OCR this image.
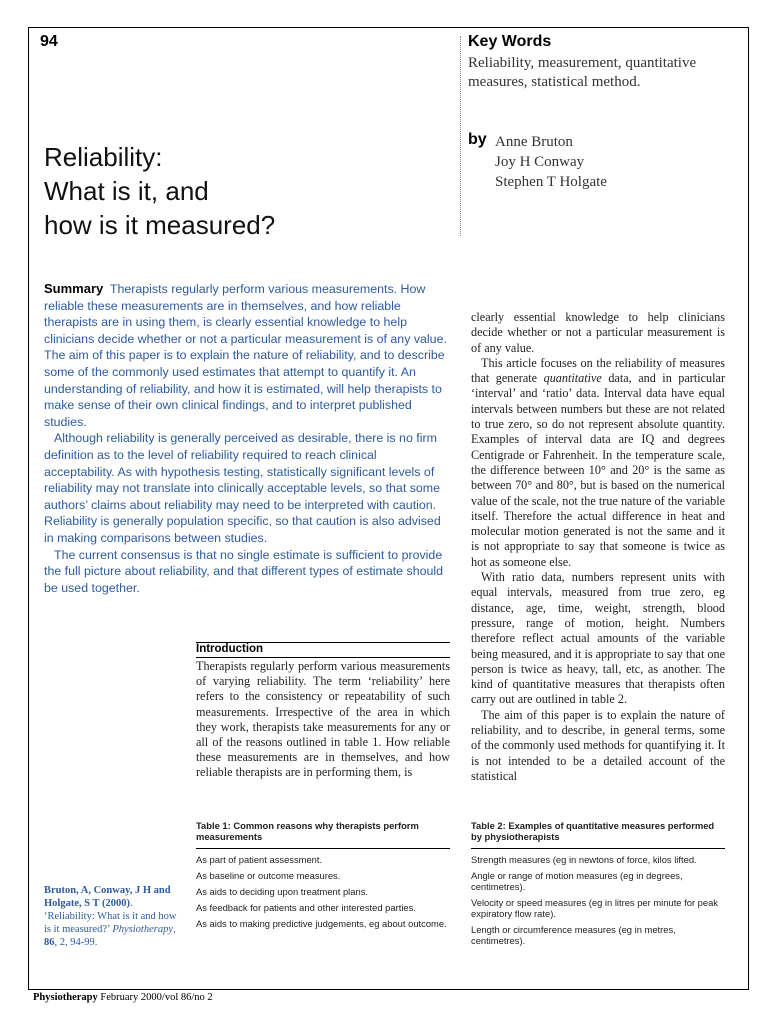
94
Reliability:
What is it, and
how is it measured?
Key Words
Reliability, measurement, quantitative measures, statistical method.
by Anne Bruton
Joy H Conway
Stephen T Holgate

Summary Therapists regularly perform various measurements. How reliable these measurements are in themselves, and how reliable therapists are in using them, is clearly essential knowledge to help clinicians decide whether or not a particular measurement is of any value. The aim of this paper is to explain the nature of reliability, and to describe some of the commonly used estimates that attempt to quantify it. An understanding of reliability, and how it is estimated, will help therapists to make sense of their own clinical findings, and to interpret published studies.

Although reliability is generally perceived as desirable, there is no firm definition as to the level of reliability required to reach clinical acceptability. As with hypothesis testing, statistically significant levels of reliability may not translate into clinically acceptable levels, so that some authors’ claims about reliability may need to be interpreted with caution. Reliability is generally population specific, so that caution is also advised in making comparisons between studies.

The current consensus is that no single estimate is sufficient to provide the full picture about reliability, and that different types of estimate should be used together.

Introduction

Therapists regularly perform various measurements of varying reliability. The term ‘reliability’ here refers to the consistency or repeatability of such measurements. Irrespective of the area in which they work, therapists take measurements for any or all of the reasons outlined in table 1. How reliable these measurements are in themselves, and how reliable therapists are in performing them, is

clearly essential knowledge to help clinicians decide whether or not a particular measurement is of any value.

This article focuses on the reliability of measures that generate quantitative data, and in particular ‘interval’ and ‘ratio’ data. Interval data have equal intervals between numbers but these are not related to true zero, so do not represent absolute quantity. Examples of interval data are IQ and degrees Centigrade or Fahrenheit. In the temperature scale, the difference between 10° and 20° is the same as between 70° and 80°, but is based on the numerical value of the scale, not the true nature of the variable itself. Therefore the actual difference in heat and molecular motion generated is not the same and it is not appropriate to say that someone is twice as hot as someone else.

With ratio data, numbers represent units with equal intervals, measured from true zero, eg distance, age, time, weight, strength, blood pressure, range of motion, height. Numbers therefore reflect actual amounts of the variable being measured, and it is appropriate to say that one person is twice as heavy, tall, etc, as another. The kind of quantitative measures that therapists often carry out are outlined in table 2.

The aim of this paper is to explain the nature of reliability, and to describe, in general terms, some of the commonly used methods for quantifying it. It is not intended to be a detailed account of the statistical

Table 1: Common reasons why therapists perform measurements
As part of patient assessment.
As baseline or outcome measures.
As aids to deciding upon treatment plans.
As feedback for patients and other interested parties.
As aids to making predictive judgements, eg about outcome.
Table 2: Examples of quantitative measures performed by physiotherapists
Strength measures (eg in newtons of force, kilos lifted.
Angle or range of motion measures (eg in degrees, centimetres).
Velocity or speed measures (eg in litres per minute for peak expiratory flow rate).
Length or circumference measures (eg in metres, centimetres).
Bruton, A, Conway, J H and Holgate, S T (2000). ‘Reliability: What is it and how is it measured?’ Physiotherapy, 86, 2, 94-99.
Physiotherapy February 2000/vol 86/no 2
